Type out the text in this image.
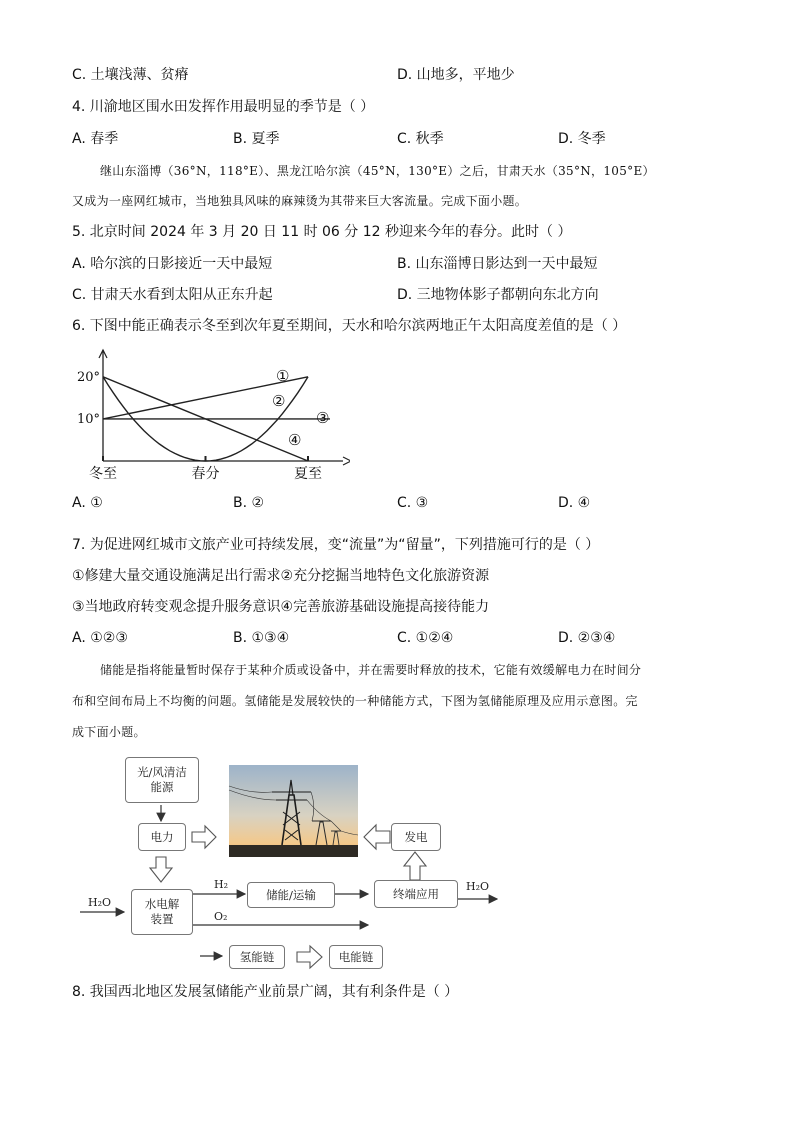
C. 土壤浅薄、贫瘠	D. 山地多，平地少
4. 川渝地区围水田发挥作用最明显的季节是（ ）
A. 春季	B. 夏季	C. 秋季	D. 冬季
继山东淄博（36°N，118°E）、黑龙江哈尔滨（45°N，130°E）之后，甘肃天水（35°N，105°E）
又成为一座网红城市，当地独具风味的麻辣烫为其带来巨大客流量。完成下面小题。
5. 北京时间 2024 年 3 月 20 日 11 时 06 分 12 秒迎来今年的春分。此时（ ）
A. 哈尔滨的日影接近一天中最短	B. 山东淄博日影达到一天中最短
C. 甘肃天水看到太阳从正东升起	D. 三地物体影子都朝向东北方向
6. 下图中能正确表示冬至到次年夏至期间，天水和哈尔滨两地正午太阳高度差值的是（ ）
冬至	春分	夏至
20°
10°
①
②
③
④
A. ①	B. ②	C. ③	D. ④
7. 为促进网红城市文旅产业可持续发展，变“流量”为“留量”，下列措施可行的是（ ）
①修建大量交通设施满足出行需求②充分挖掘当地特色文化旅游资源
③当地政府转变观念提升服务意识④完善旅游基础设施提高接待能力
A. ①②③	B. ①③④	C. ①②④	D. ②③④
储能是指将能量暂时保存于某种介质或设备中，并在需要时释放的技术，它能有效缓解电力在时间分
布和空间布局上不均衡的问题。氢储能是发展较快的一种储能方式，下图为氢储能原理及应用示意图。完
成下面小题。
光/风清洁
能源
电力	发电
水电解
装置
储能/运输	终端应用
氢能链	电能链
H₂O
H₂O
H₂
O₂
8. 我国西北地区发展氢储能产业前景广阔，其有利条件是（ ）
